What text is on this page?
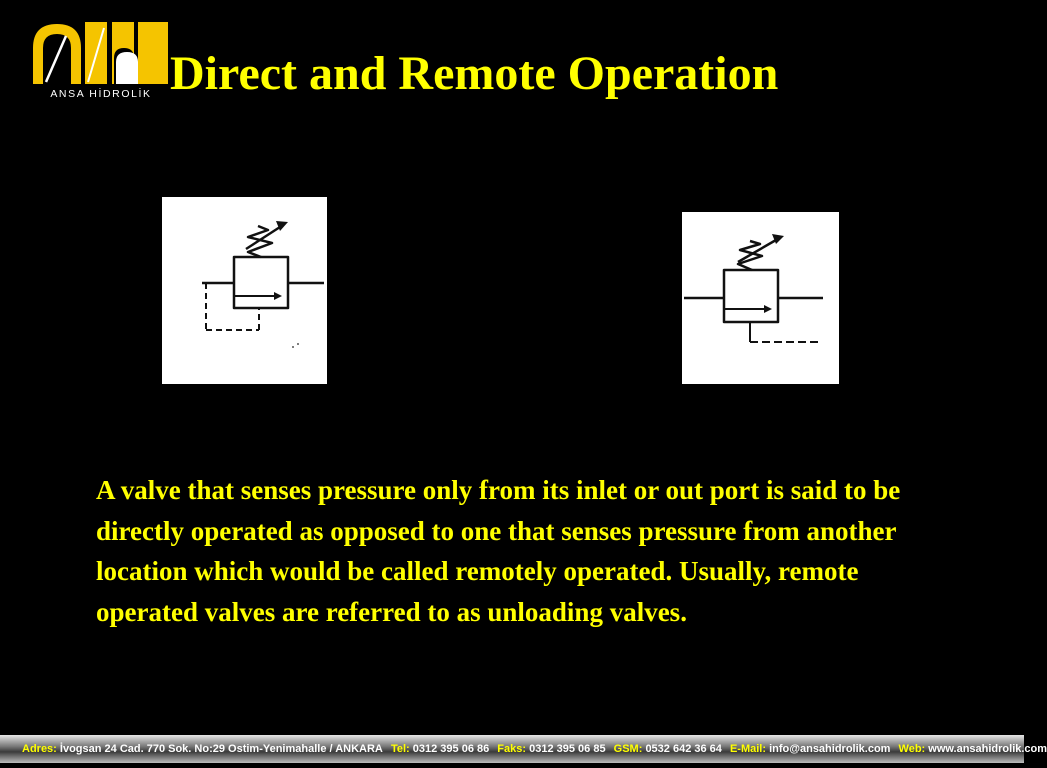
ANSA HİDROLİK Direct and Remote Operation

A valve that senses pressure only from its inlet or out port is said to be directly operated as opposed to one that senses pressure from another location which would be called remotely operated. Usually, remote operated valves are referred to as unloading valves.

Adres: İvogsan 24 Cad. 770 Sok. No:29 Ostim-Yenimahalle / ANKARA Tel: 0312 395 06 86 Faks: 0312 395 06 85 GSM: 0532 642 36 64 E-Mail: info@ansahidrolik.com Web: www.ansahidrolik.com
